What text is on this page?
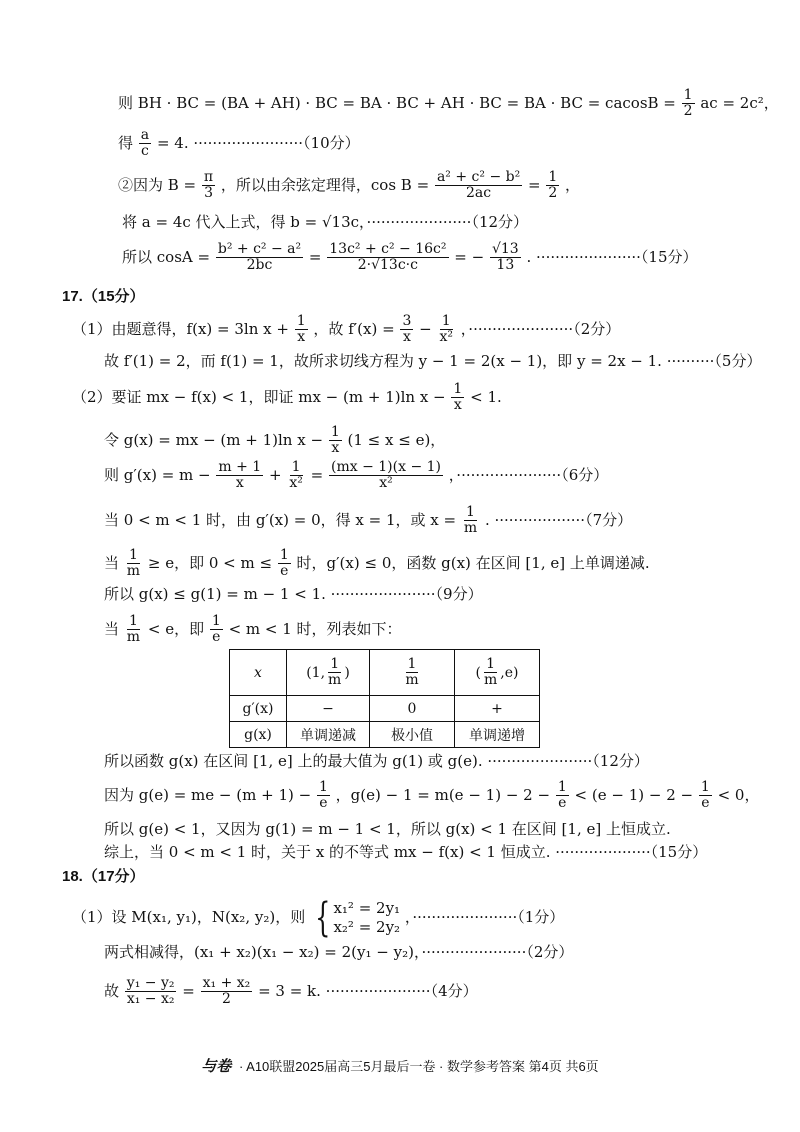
则 BH · BC = (BA + AH) · BC = BA · BC + AH · BC = BA · BC = $cacosB = \frac{1}{2}$ ac = 2c²，
得 $\frac{a}{c} = 4$. ·······················（10分）
②因为 $B = \frac{\pi}{3}$ ，所以由余弦定理得，$\cos B = \frac{\text{a² + c² − b²}}{2ac} = \frac{1}{2}$ ，
将 a = 4c 代入上式，得 b = √13c，······················（12分）
所以 $\cos A = \frac{\text{b² + c² − a²}}{2bc} = \frac{\text{13c² + c² − 16c²}}{2\cdot√13c\cdot c}$ = − $\frac{√13}{13}$ . ······················（15分）
17.（15分）
（1）由题意得，f(x) = 3ln $x + \frac{1}{x}$ ，故 $f'(x) = \frac{3}{x} - \frac{1}{\text{x²}}$ ，······················（2分）
故 f′(1) = 2，而 f(1) = 1，故所求切线方程为 y − 1 = 2(x − 1)，即 y = 2x − 1. ··········（5分）
（2）要证 mx − f(x) < 1，即证 mx − (m + 1)ln $x - \frac{1}{x} < 1$.
令 g(x) = mx − (m + 1)ln $x - \frac{1}{x} (1 \le x \le e)$，
则 $g'(x) = m - \frac{m + 1}{x} + \frac{1}{\text{x²}} = \frac{(mx - 1)(x - 1)}{\text{x²}}$ ，······················（6分）
当 0 < m < 1 时，由 g′(x) = 0，得 x = 1，或 $x = \frac{1}{m}$ . ···················（7分）
当 $\frac{1}{m} \ge e$，即 $0 < m \le \frac{1}{e}$ 时，g′(x) ≤ 0，函数 g(x) 在区间 [1, e] 上单调递减.
所以 g(x) ≤ g(1) = m − 1 < 1. ······················（9分）
当 $\frac{1}{m} < e$，即 $\frac{1}{e} < m < 1$ 时，列表如下：
x	(1, $\frac{1}{m}$ )	$\frac{1}{m}$	( $\frac{1}{m} ,e$)
g′(x)	−	0	+
g(x)	单调递减	极小值	单调递增
所以函数 g(x) 在区间 [1, e] 上的最大值为 g(1) 或 g(e). ······················（12分）
因为 g(e) = me − $(m + 1) - \frac{1}{e}$ ，$g(e) - 1 = m(e - 1) - 2 - \frac{1}{e} < (e - 1) - 2 - \frac{1}{e} < 0$，
所以 g(e) < 1，又因为 g(1) = m − 1 < 1，所以 g(x) < 1 在区间 [1, e] 上恒成立.
综上，当 0 < m < 1 时，关于 x 的不等式 mx − f(x) < 1 恒成立. ····················（15分）
18.（17分）
（1）设 M(x₁, y₁)，N(x₂, y₂)，则 { x₁² = 2y₁
x₂² = 2y₂
，······················（1分）
两式相减得，(x₁ + x₂)(x₁ − x₂) = 2(y₁ − y₂)，······················（2分）
故 $\frac{\text{y₁ − y₂}}{\text{x₁ − x₂}} = \frac{\text{x₁ + x₂}}{2} = 3 = k$. ······················（4分）
与卷 · A10联盟2025届高三5月最后一卷 · 数学参考答案 第4页 共6页
